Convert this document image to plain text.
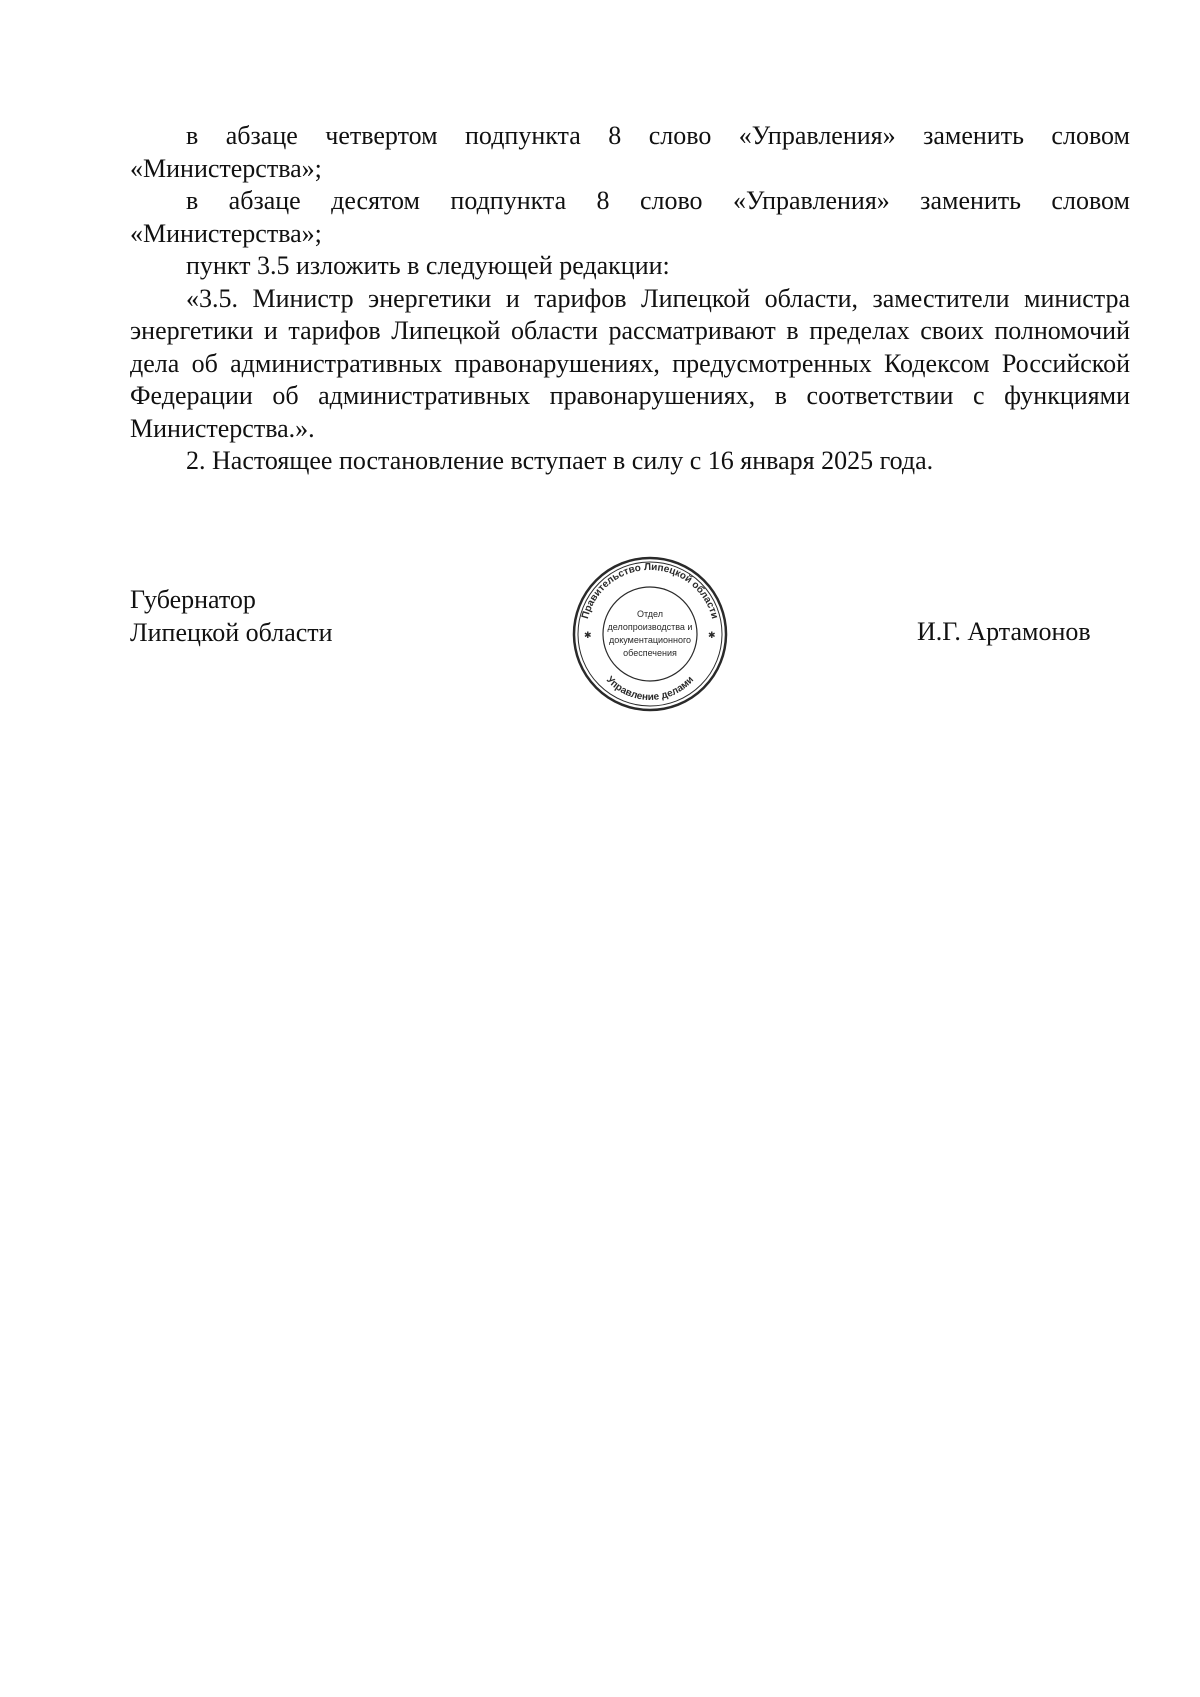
в абзаце четвертом подпункта 8 слово «Управления» заменить словом «Министерства»;

в абзаце десятом подпункта 8 слово «Управления» заменить словом «Министерства»;

пункт 3.5 изложить в следующей редакции:

«3.5. Министр энергетики и тарифов Липецкой области, заместители министра энергетики и тарифов Липецкой области рассматривают в пределах своих полномочий дела об административных правонарушениях, предусмотренных Кодексом Российской Федерации об административных правонарушениях, в соответствии с функциями Министерства.».

2. Настоящее постановление вступает в силу с 16 января 2025 года.

Губернатор
Липецкой области
Правительство Липецкой области
Управление делами
✱	✱
Отдел
делопроизводства и
документационного
обеспечения
И.Г. Артамонов
